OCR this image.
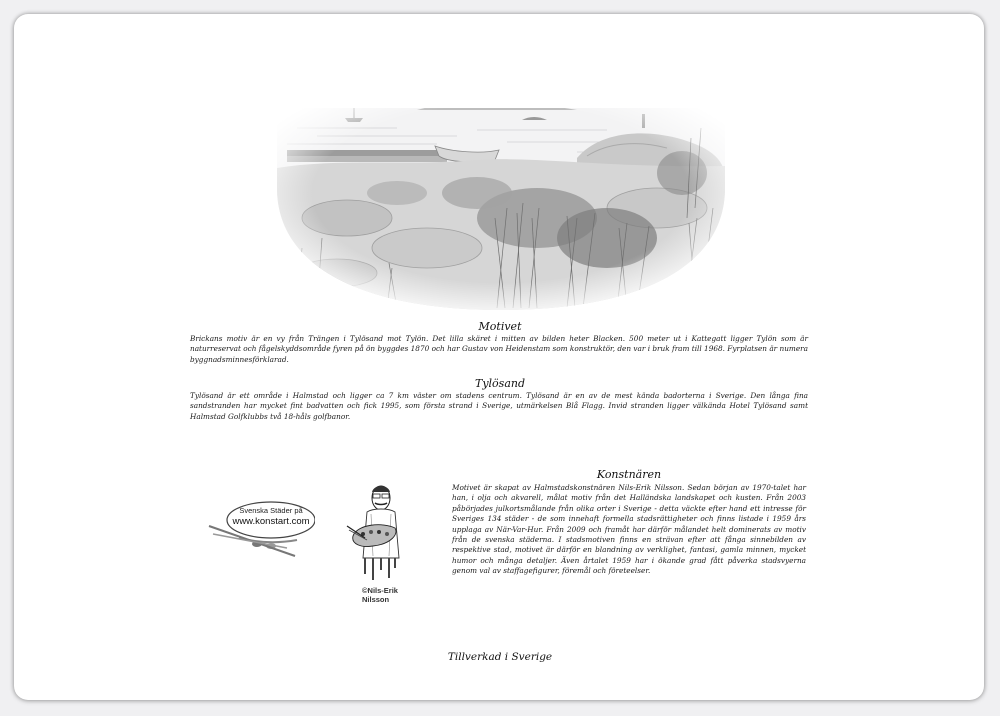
Motivet

Brickans motiv är en vy från Trängen i Tylösand mot Tylön. Det lilla skäret i mitten av bilden heter Blacken. 500 meter ut i Kattegatt ligger Tylön som är naturreservat och fågelskyddsområde fyren på ön byggdes 1870 och har Gustav von Heidenstam som konstruktör, den var i bruk fram till 1968. Fyrplatsen är numera byggnadsminnesförklarad.

Tylösand

Tylösand är ett område i Halmstad och ligger ca 7 km väster om stadens centrum. Tylösand är en av de mest kända badorterna i Sverige. Den långa fina sandstranden har mycket fint badvatten och fick 1995, som första strand i Sverige, utmärkelsen Blå Flagg. Invid stranden ligger välkända Hotel Tylösand samt Halmstad Golfklubbs två 18-håls golfbanor.

Svenska Städer på
www.konstart.com
©Nils-Erik
Nilsson
Konstnären

Motivet är skapat av Halmstadskonstnären Nils-Erik Nilsson. Sedan början av 1970-talet har han, i olja och akvarell, målat motiv från det Halländska landskapet och kusten. Från 2003 påbörjades julkortsmålande från olika orter i Sverige - detta väckte efter hand ett intresse för Sveriges 134 städer - de som innehaft formella stadsrättigheter och finns listade i 1959 års upplaga av När-Var-Hur. Från 2009 och framåt har därför målandet helt dominerats av motiv från de svenska städerna. I stadsmotiven finns en strävan efter att fånga sinnebilden av respektive stad, motivet är därför en blandning av verklighet, fantasi, gamla minnen, mycket humor och många detaljer. Även årtalet 1959 har i ökande grad fått påverka stadsvyerna genom val av staffagefigurer, föremål och företeelser.

Tillverkad i Sverige
